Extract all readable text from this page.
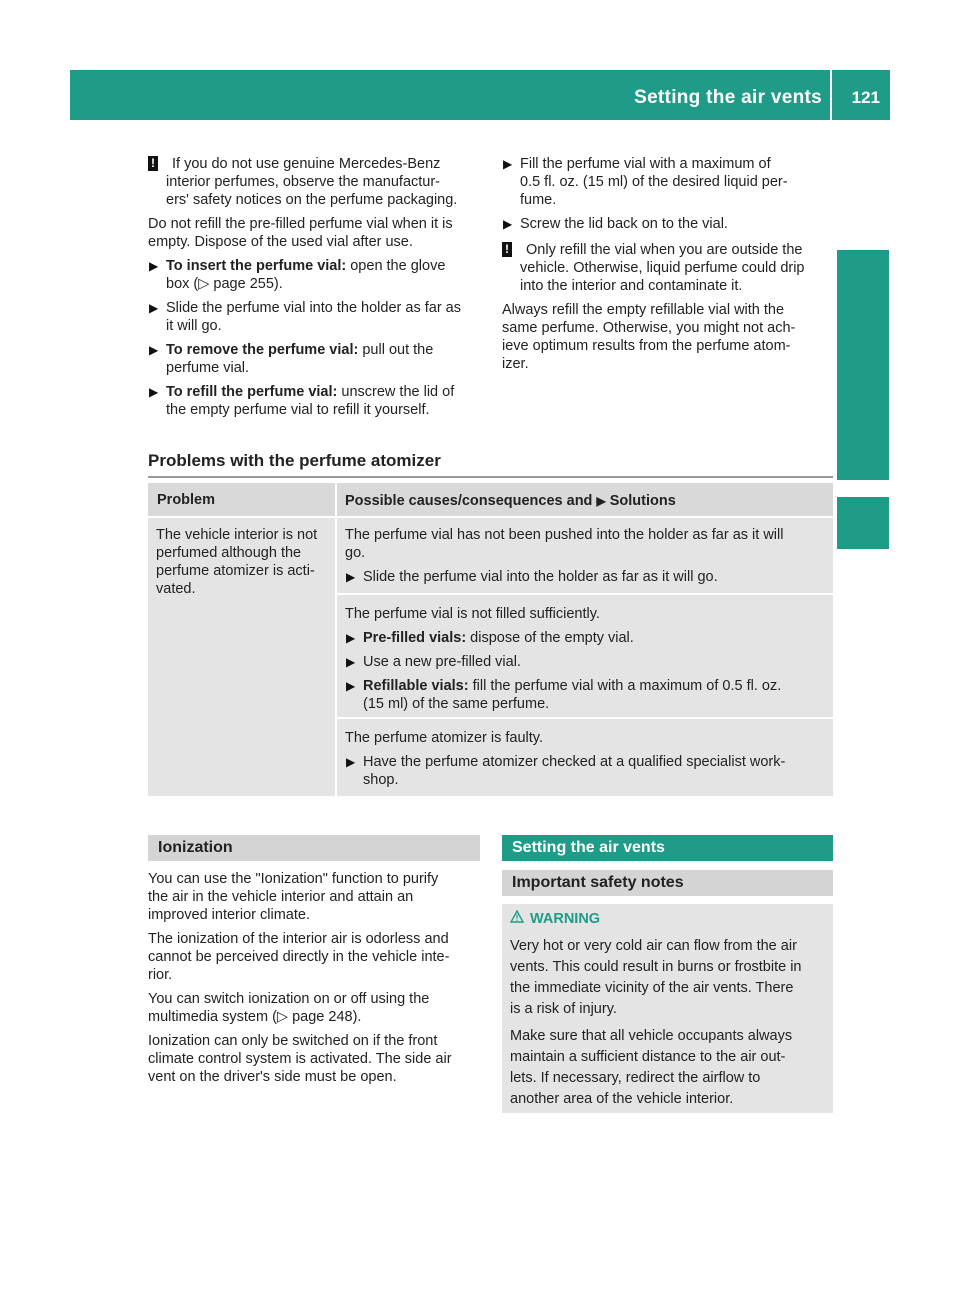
Setting the air vents 121
Climate control
!	If you do not use genuine Mercedes-Benz

interior perfumes, observe the manufactur-

ers' safety notices on the perfume packaging.

Do not refill the pre-filled perfume vial when it is

empty. Dispose of the used vial after use.

▶ To insert the perfume vial: open the glove

box (▷ page 255).

▶ Slide the perfume vial into the holder as far as

it will go.

▶ To remove the perfume vial: pull out the

perfume vial.

▶ To refill the perfume vial: unscrew the lid of

the empty perfume vial to refill it yourself.

▶ Fill the perfume vial with a maximum of

0.5 fl. oz. (15 ml) of the desired liquid per-

fume.

▶ Screw the lid back on to the vial.

!	Only refill the vial when you are outside the

vehicle. Otherwise, liquid perfume could drip

into the interior and contaminate it.

Always refill the empty refillable vial with the

same perfume. Otherwise, you might not ach-

ieve optimum results from the perfume atom-

izer.

Problems with the perfume atomizer
Problem	Possible causes/consequences and ▶ Solutions

The vehicle interior is not

perfumed although the

perfume atomizer is acti-

vated.

The perfume vial has not been pushed into the holder as far as it will

go.

▶ Slide the perfume vial into the holder as far as it will go.

The perfume vial is not filled sufficiently.

▶ Pre-filled vials: dispose of the empty vial.

▶ Use a new pre-filled vial.

▶ Refillable vials: fill the perfume vial with a maximum of 0.5 fl. oz.

(15 ml) of the same perfume.

The perfume atomizer is faulty.

▶ Have the perfume atomizer checked at a qualified specialist work-

shop.

Ionization

You can use the "Ionization" function to purify

the air in the vehicle interior and attain an

improved interior climate.

The ionization of the interior air is odorless and

cannot be perceived directly in the vehicle inte-

rior.

You can switch ionization on or off using the

multimedia system (▷ page 248).

Ionization can only be switched on if the front

climate control system is activated. The side air

vent on the driver's side must be open.

Setting the air vents
Important safety notes
WARNING

Very hot or very cold air can flow from the air

vents. This could result in burns or frostbite in

the immediate vicinity of the air vents. There

is a risk of injury.

Make sure that all vehicle occupants always

maintain a sufficient distance to the air out-

lets. If necessary, redirect the airflow to

another area of the vehicle interior.
